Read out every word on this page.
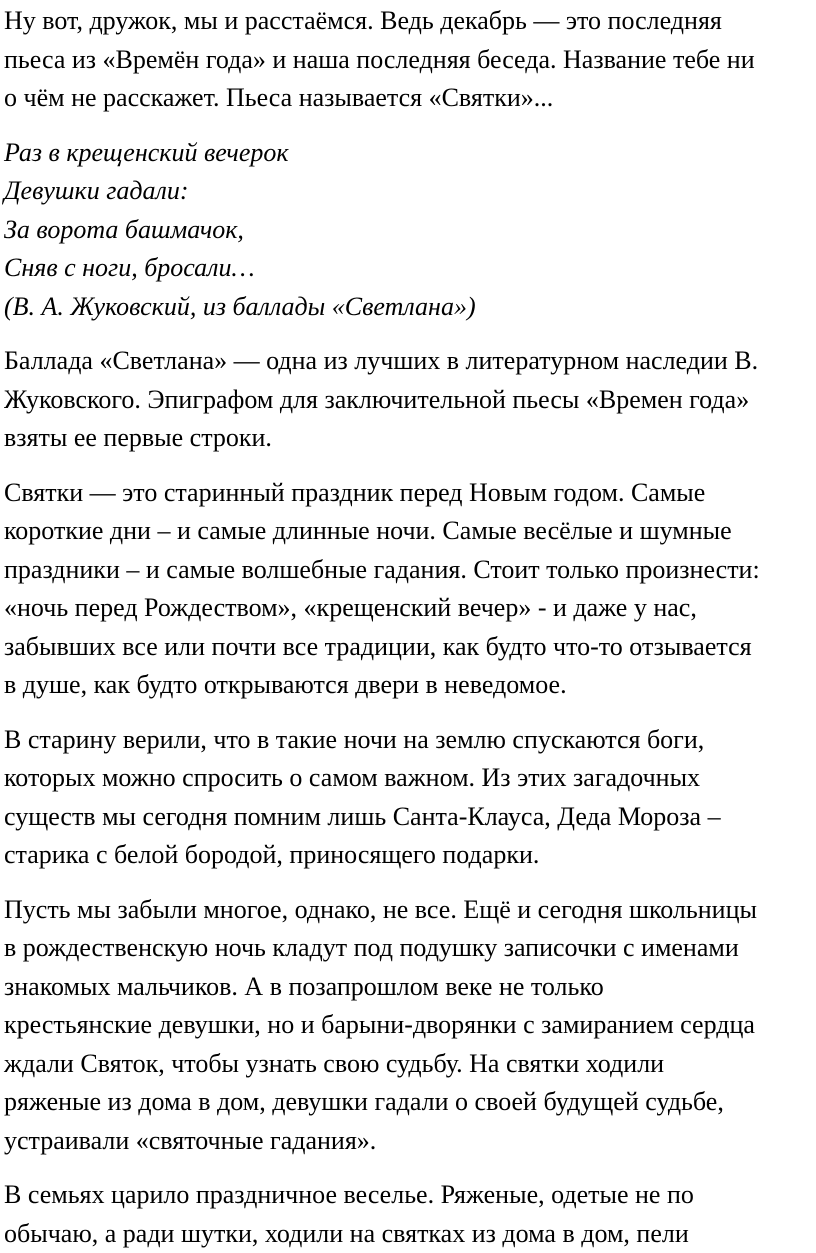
Ну вот, дружок, мы и расстаёмся. Ведь декабрь — это последняя
пьеса из «Времён года» и наша последняя беседа. Название тебе ни
о чём не расскажет. Пьеса называется «Святки»...

Раз в крещенский вечерок
Девушки гадали:
За ворота башмачок,
Сняв с ноги, бросали…
(В. А. Жуковский, из баллады «Светлана»)

Баллада «Светлана» — одна из лучших в литературном наследии В.
Жуковского. Эпиграфом для заключительной пьесы «Времен года»
взяты ее первые строки.

Святки — это старинный праздник перед Новым годом. Самые
короткие дни – и самые длинные ночи. Самые весёлые и шумные
праздники – и самые волшебные гадания. Стоит только произнести:
«ночь перед Рождеством», «крещенский вечер» - и даже у нас,
забывших все или почти все традиции, как будто что-то отзывается
в душе, как будто открываются двери в неведомое.

В старину верили, что в такие ночи на землю спускаются боги,
которых можно спросить о самом важном. Из этих загадочных
существ мы сегодня помним лишь Санта-Клауса, Деда Мороза –
старика с белой бородой, приносящего подарки.

Пусть мы забыли многое, однако, не все. Ещё и сегодня школьницы
в рождественскую ночь кладут под подушку записочки с именами
знакомых мальчиков. А в позапрошлом веке не только
крестьянские девушки, но и барыни-дворянки с замиранием сердца
ждали Святок, чтобы узнать свою судьбу. На святки ходили
ряженые из дома в дом, девушки гадали о своей будущей судьбе,
устраивали «святочные гадания».

В семьях царило праздничное веселье. Ряженые, одетые не по
обычаю, а ради шутки, ходили на святках из дома в дом, пели
